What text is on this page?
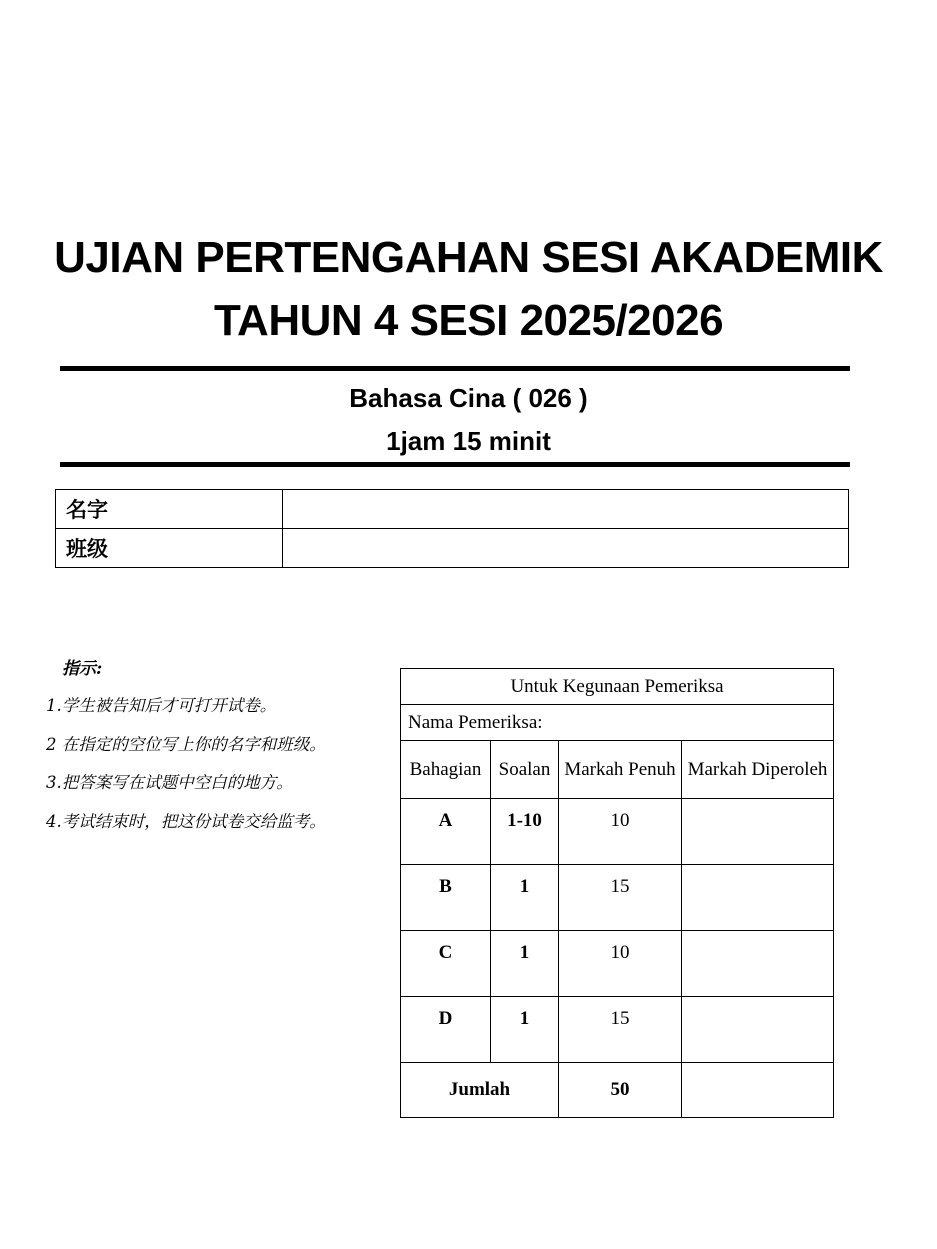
UJIAN PERTENGAHAN SESI AKADEMIK
TAHUN 4 SESI 2025/2026
Bahasa Cina ( 026 )
1jam 15 minit
名字	
班级	
指示:
1.学生被告知后才可打开试卷。
2 在指定的空位写上你的名字和班级。
3.把答案写在试题中空白的地方。
4.考试结束时，把这份试卷交给监考。
Untuk Kegunaan Pemeriksa			
Nama Pemeriksa:			
Bahagian	Soalan	Markah Penuh	Markah Diperoleh
A	1-10	10	
B	1	15	
C	1	10	
D	1	15	
Jumlah		50	
